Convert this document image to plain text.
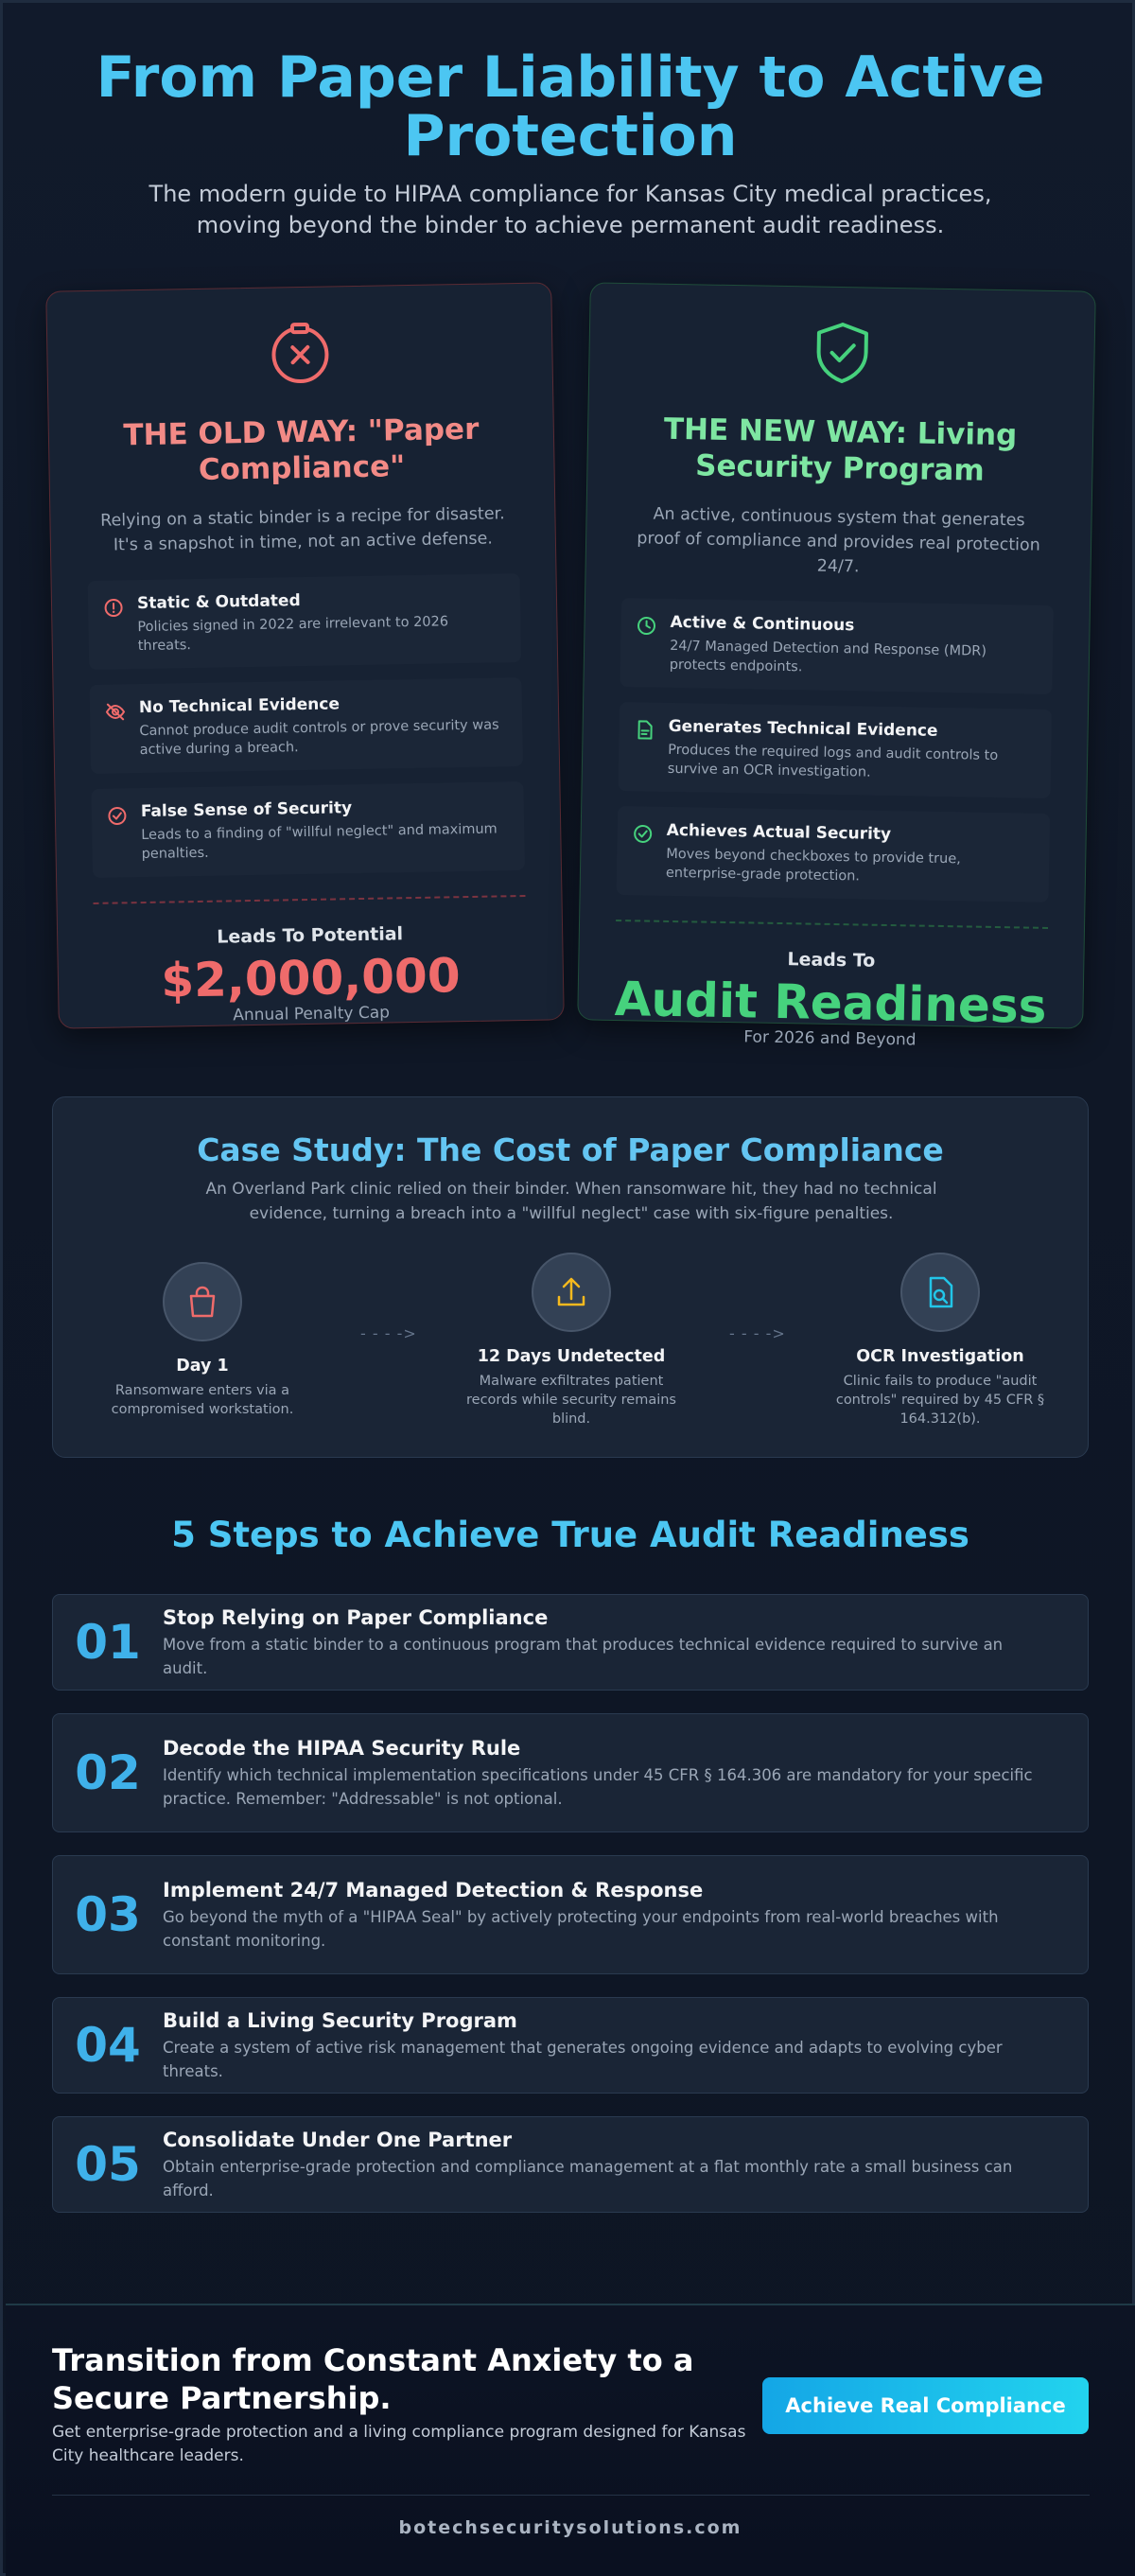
From Paper Liability to Active Protection

The modern guide to HIPAA compliance for Kansas City medical practices, moving beyond the binder to achieve permanent audit readiness.

THE OLD WAY: "Paper Compliance"
Relying on a static binder is a recipe for disaster. It's a snapshot in time, not an active defense.
Static & Outdated
Policies signed in 2022 are irrelevant to 2026 threats.
No Technical Evidence
Cannot produce audit controls or prove security was active during a breach.
False Sense of Security
Leads to a finding of "willful neglect" and maximum penalties.
Leads To Potential
$2,000,000
Annual Penalty Cap
THE NEW WAY: Living Security Program
An active, continuous system that generates proof of compliance and provides real protection 24/7.
Active & Continuous
24/7 Managed Detection and Response (MDR) protects endpoints.
Generates Technical Evidence
Produces the required logs and audit controls to survive an OCR investigation.
Achieves Actual Security
Moves beyond checkboxes to provide true, enterprise-grade protection.
Leads To
Audit Readiness
For 2026 and Beyond
Case Study: The Cost of Paper Compliance
An Overland Park clinic relied on their binder. When ransomware hit, they had no technical evidence, turning a breach into a "willful neglect" case with six-figure penalties.
Day 1
Ransomware enters via a compromised workstation.
- - - ->
12 Days Undetected
Malware exfiltrates patient records while security remains blind.
- - - ->
OCR Investigation
Clinic fails to produce "audit controls" required by 45 CFR § 164.312(b).
5 Steps to Achieve True Audit Readiness
01	Stop Relying on Paper Compliance
Move from a static binder to a continuous program that produces technical evidence required to survive an audit.
02	Decode the HIPAA Security Rule
Identify which technical implementation specifications under 45 CFR § 164.306 are mandatory for your specific practice. Remember: "Addressable" is not optional.
03	Implement 24/7 Managed Detection & Response
Go beyond the myth of a "HIPAA Seal" by actively protecting your endpoints from real-world breaches with constant monitoring.
04	Build a Living Security Program
Create a system of active risk management that generates ongoing evidence and adapts to evolving cyber threats.
05	Consolidate Under One Partner
Obtain enterprise-grade protection and compliance management at a flat monthly rate a small business can afford.
Transition from Constant Anxiety to a Secure Partnership.
Get enterprise-grade protection and a living compliance program designed for Kansas City healthcare leaders.
Achieve Real Compliance
botechsecuritysolutions.com
